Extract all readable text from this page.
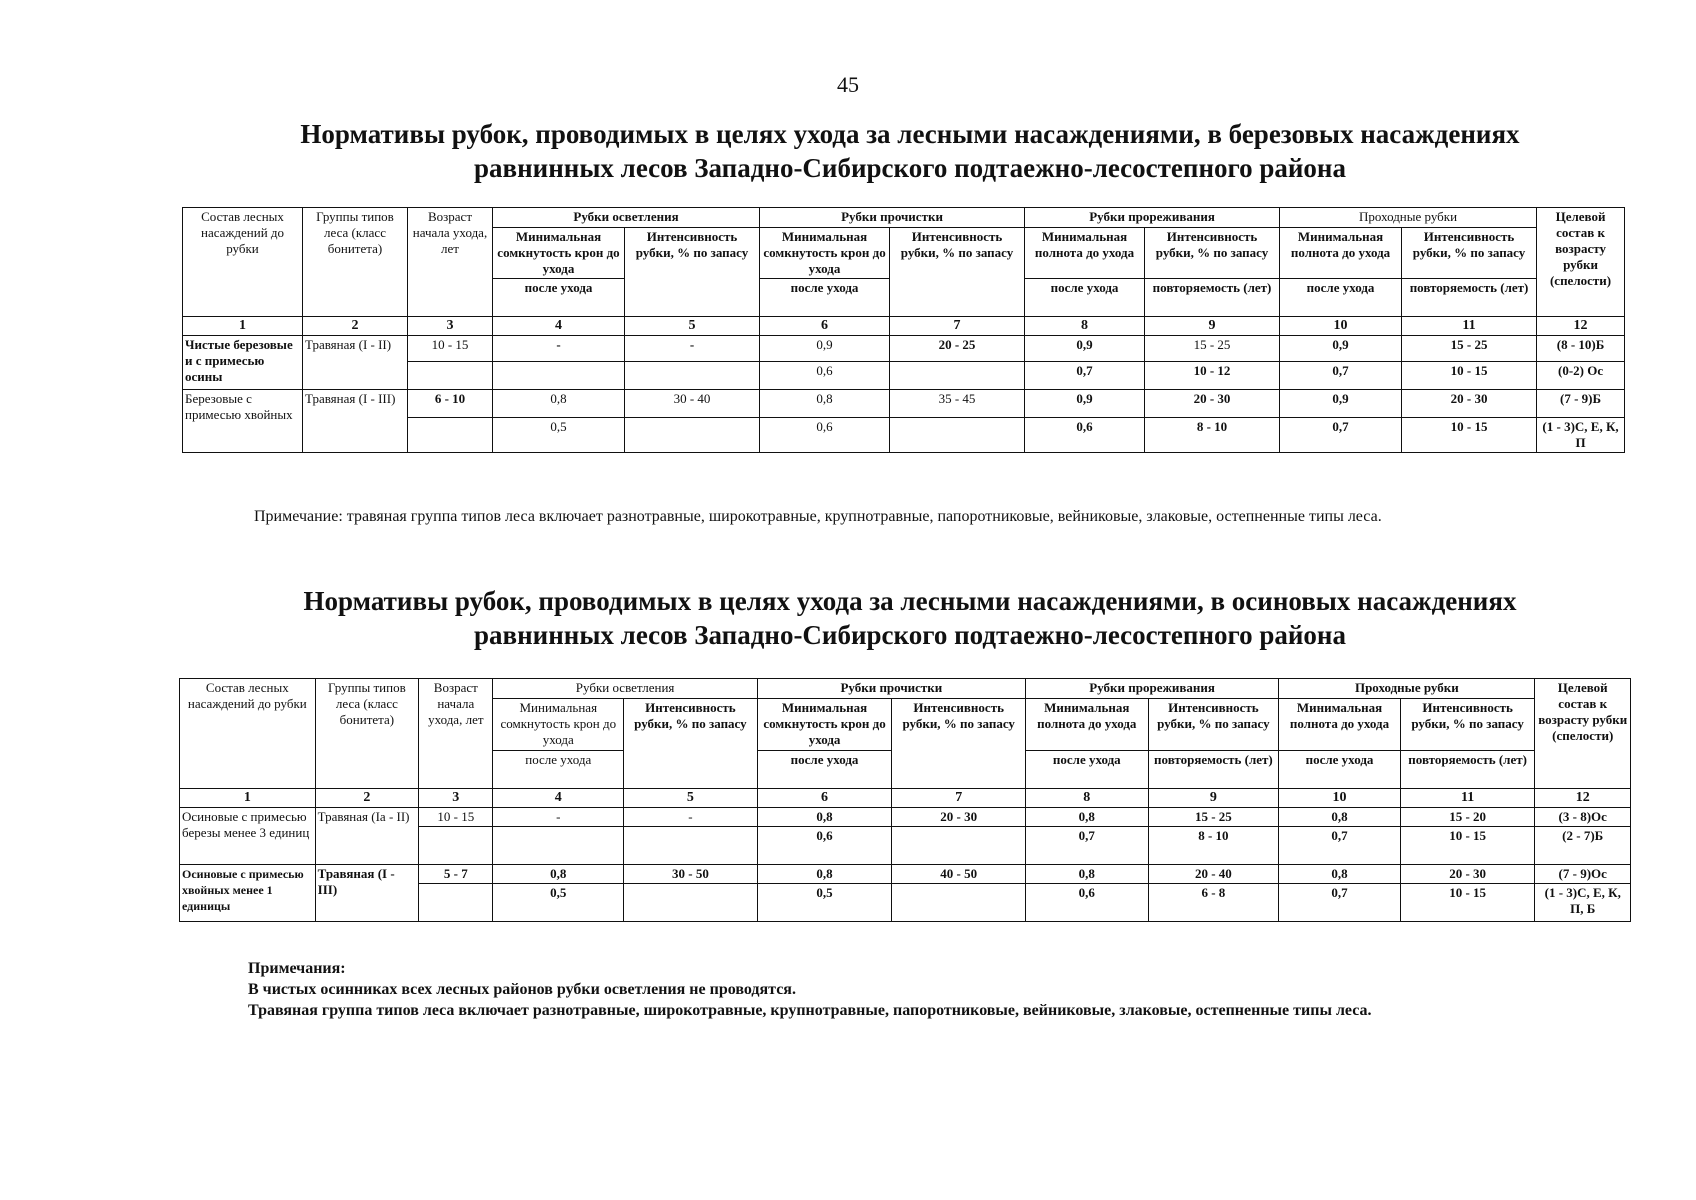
45
Нормативы рубок, проводимых в целях ухода за лесными насаждениями, в березовых насаждениях
равнинных лесов Западно-Сибирского подтаежно-лесостепного района
Состав лесных насаждений до рубки	Группы типов леса (класс бонитета)	Возраст начала ухода, лет	Рубки осветления		Рубки прочистки		Рубки прореживания		Проходные рубки		Целевой состав к возрасту рубки (спелости)
			Минимальная сомкнутость крон до ухода	Интенсивность рубки, % по запасу	Минимальная сомкнутость крон до ухода	Интенсивность рубки, % по запасу	Минимальная полнота до ухода	Интенсивность рубки, % по запасу	Минимальная полнота до ухода	Интенсивность рубки, % по запасу	
			после ухода		после ухода		после ухода	повторяемость (лет)	после ухода	повторяемость (лет)	
1	2	3	4	5	6	7	8	9	10	11	12
Чистые березовые и с примесью осины	Травяная (I - II)	10 - 15	-	-	0,9	20 - 25	0,9	15 - 25	0,9	15 - 25	(8 - 10)Б
					0,6		0,7	10 - 12	0,7	10 - 15	(0-2) Ос
Березовые с примесью хвойных	Травяная (I - III)	6 - 10	0,8	30 - 40	0,8	35 - 45	0,9	20 - 30	0,9	20 - 30	(7 - 9)Б
			0,5		0,6		0,6	8 - 10	0,7	10 - 15	(1 - 3)С, Е, К, П
Примечание: травяная группа типов леса включает разнотравные, широкотравные, крупнотравные, папоротниковые, вейниковые, злаковые, остепненные типы леса.
Нормативы рубок, проводимых в целях ухода за лесными насаждениями, в осиновых насаждениях
равнинных лесов Западно-Сибирского подтаежно-лесостепного района
Состав лесных насаждений до рубки	Группы типов леса (класс бонитета)	Возраст начала ухода, лет	Рубки осветления		Рубки прочистки		Рубки прореживания		Проходные рубки		Целевой состав к возрасту рубки (спелости)
			Минимальная сомкнутость крон до ухода	Интенсивность рубки, % по запасу	Минимальная сомкнутость крон до ухода	Интенсивность рубки, % по запасу	Минимальная полнота до ухода	Интенсивность рубки, % по запасу	Минимальная полнота до ухода	Интенсивность рубки, % по запасу	
			после ухода		после ухода		после ухода	повторяемость (лет)	после ухода	повторяемость (лет)	
1	2	3	4	5	6	7	8	9	10	11	12
Осиновые с примесью березы менее 3 единиц	Травяная (Ia - II)	10 - 15	-	-	0,8	20 - 30	0,8	15 - 25	0,8	15 - 20	(3 - 8)Ос
					0,6		0,7	8 - 10	0,7	10 - 15	(2 - 7)Б
Осиновые с примесью хвойных менее 1 единицы	Травяная (I - III)	5 - 7	0,8	30 - 50	0,8	40 - 50	0,8	20 - 40	0,8	20 - 30	(7 - 9)Ос
			0,5		0,5		0,6	6 - 8	0,7	10 - 15	(1 - 3)С, Е, К, П, Б
Примечания:
В чистых осинниках всех лесных районов рубки осветления не проводятся.
Травяная группа типов леса включает разнотравные, широкотравные, крупнотравные, папоротниковые, вейниковые, злаковые, остепненные типы леса.
